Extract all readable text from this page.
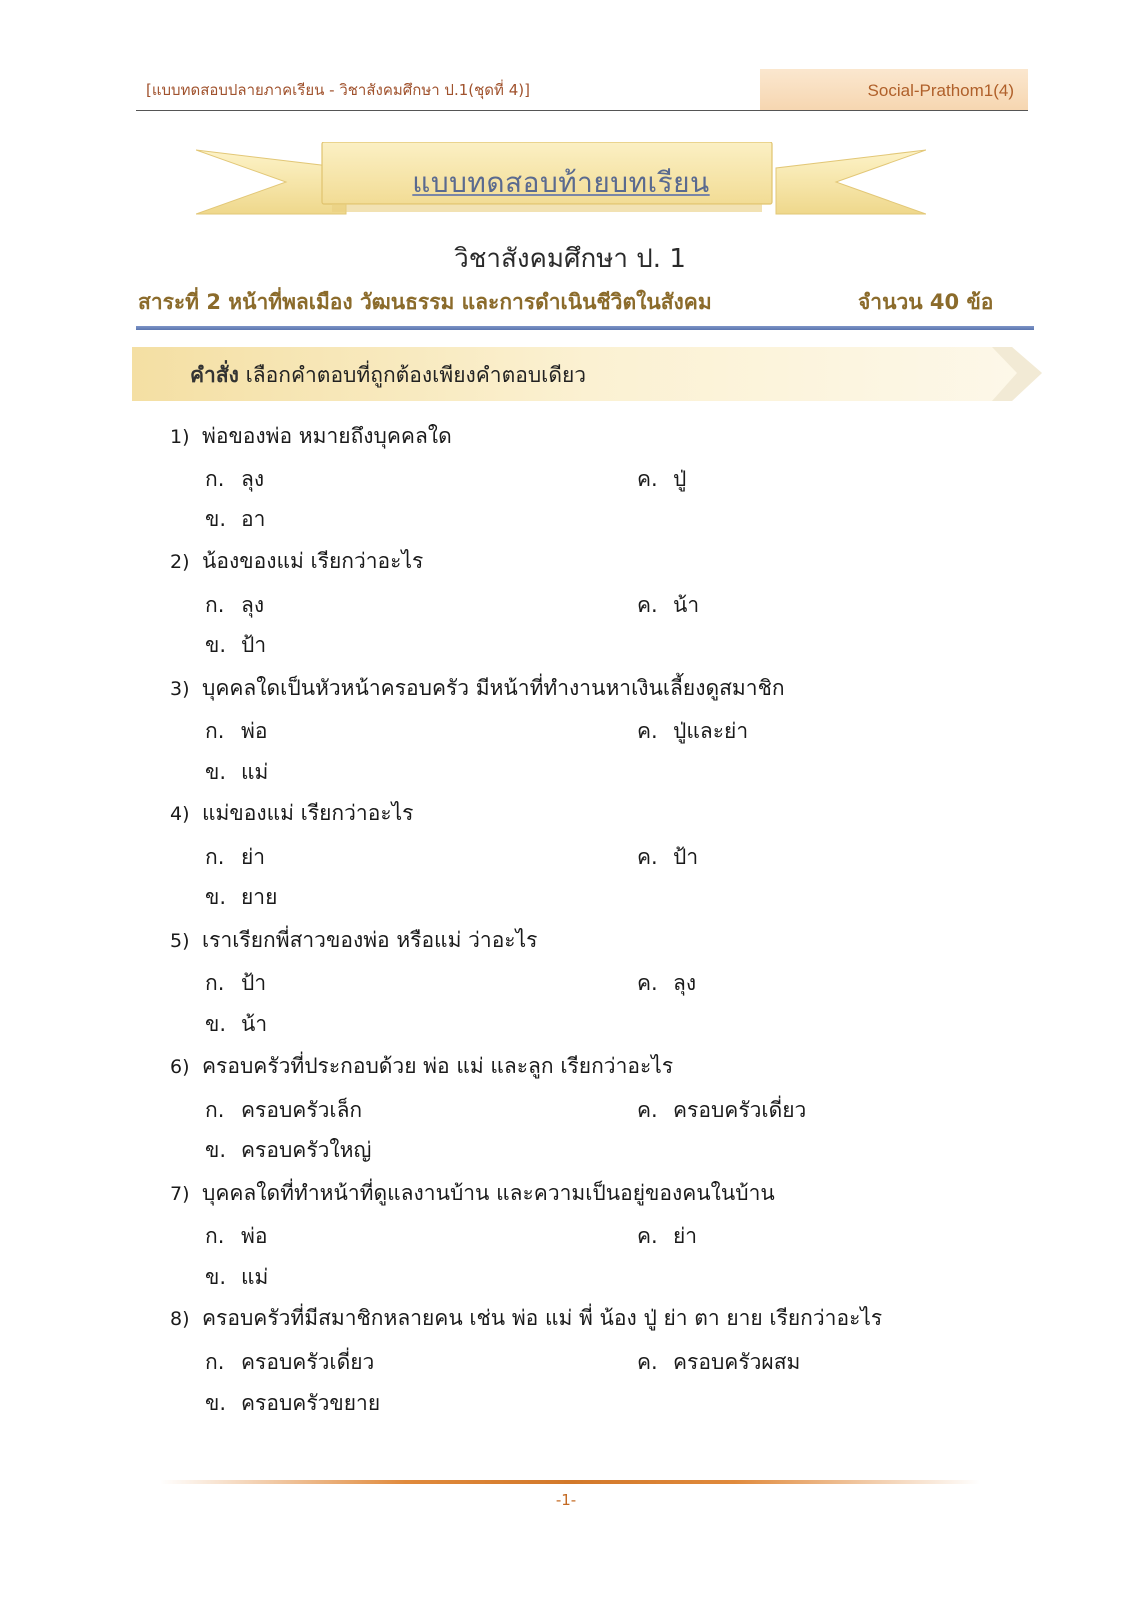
[แบบทดสอบปลายภาคเรียน - วิชาสังคมศึกษา ป.1(ชุดที่ 4)]	Social-Prathom1(4)
แบบทดสอบท้ายบทเรียน
วิชาสังคมศึกษา ป. 1
สาระที่ 2 หน้าที่พลเมือง วัฒนธรรม และการดำเนินชีวิตในสังคม	จำนวน 40 ข้อ
คำสั่ง เลือกคำตอบที่ถูกต้องเพียงคำตอบเดียว
1) พ่อของพ่อ หมายถึงบุคคลใด
ก. ลุง	ค. ปู่
ข. อา
2) น้องของแม่ เรียกว่าอะไร
ก. ลุง	ค. น้า
ข. ป้า
3) บุคคลใดเป็นหัวหน้าครอบครัว มีหน้าที่ทำงานหาเงินเลี้ยงดูสมาชิก
ก. พ่อ	ค. ปู่และย่า
ข. แม่
4) แม่ของแม่ เรียกว่าอะไร
ก. ย่า	ค. ป้า
ข. ยาย
5) เราเรียกพี่สาวของพ่อ หรือแม่ ว่าอะไร
ก. ป้า	ค. ลุง
ข. น้า
6) ครอบครัวที่ประกอบด้วย พ่อ แม่ และลูก เรียกว่าอะไร
ก. ครอบครัวเล็ก	ค. ครอบครัวเดี่ยว
ข. ครอบครัวใหญ่
7) บุคคลใดที่ทำหน้าที่ดูแลงานบ้าน และความเป็นอยู่ของคนในบ้าน
ก. พ่อ	ค. ย่า
ข. แม่
8) ครอบครัวที่มีสมาชิกหลายคน เช่น พ่อ แม่ พี่ น้อง ปู่ ย่า ตา ยาย เรียกว่าอะไร
ก. ครอบครัวเดี่ยว	ค. ครอบครัวผสม
ข. ครอบครัวขยาย
-1-
